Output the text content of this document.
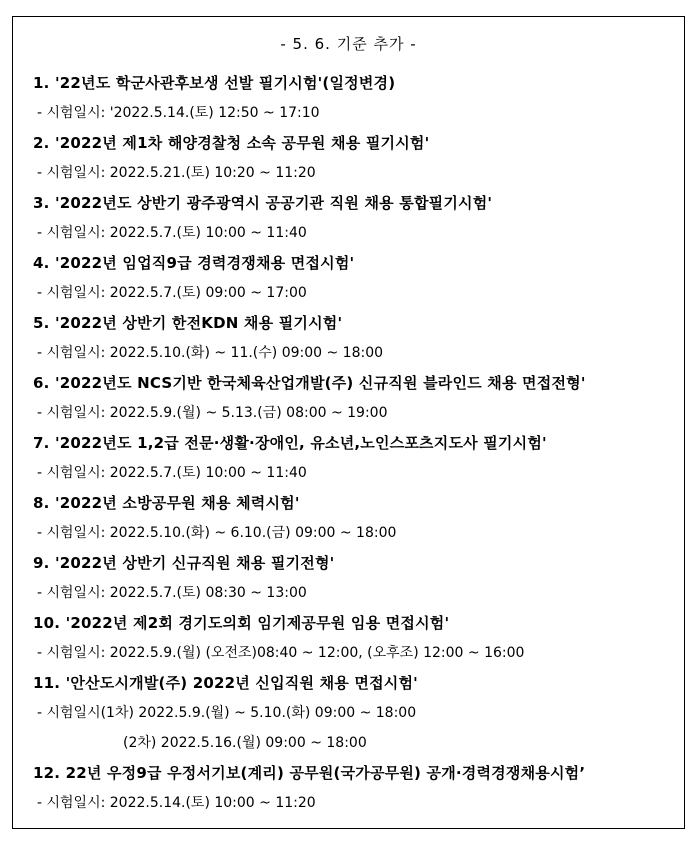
- 5. 6. 기준 추가 -
1. '22년도 학군사관후보생 선발 필기시험'(일정변경)
- 시험일시: '2022.5.14.(토) 12:50 ~ 17:10
2. '2022년 제1차 해양경찰청 소속 공무원 채용 필기시험'
- 시험일시: 2022.5.21.(토) 10:20 ~ 11:20
3. '2022년도 상반기 광주광역시 공공기관 직원 채용 통합필기시험'
- 시험일시: 2022.5.7.(토) 10:00 ~ 11:40
4. '2022년 임업직9급 경력경쟁채용 면접시험'
- 시험일시: 2022.5.7.(토) 09:00 ~ 17:00
5. '2022년 상반기 한전KDN 채용 필기시험'
- 시험일시: 2022.5.10.(화) ~ 11.(수) 09:00 ~ 18:00
6. '2022년도 NCS기반 한국체육산업개발(주) 신규직원 블라인드 채용 면접전형'
- 시험일시: 2022.5.9.(월) ~ 5.13.(금) 08:00 ~ 19:00
7. '2022년도 1,2급 전문·생활·장애인, 유소년,노인스포츠지도사 필기시험'
- 시험일시: 2022.5.7.(토) 10:00 ~ 11:40
8. '2022년 소방공무원 채용 체력시험'
- 시험일시: 2022.5.10.(화) ~ 6.10.(금) 09:00 ~ 18:00
9. '2022년 상반기 신규직원 채용 필기전형'
- 시험일시: 2022.5.7.(토) 08:30 ~ 13:00
10. '2022년 제2회 경기도의회 임기제공무원 임용 면접시험'
- 시험일시: 2022.5.9.(월) (오전조)08:40 ~ 12:00, (오후조) 12:00 ~ 16:00
11. '안산도시개발(주) 2022년 신입직원 채용 면접시험'
- 시험일시(1차) 2022.5.9.(월) ~ 5.10.(화) 09:00 ~ 18:00
(2차) 2022.5.16.(월) 09:00 ~ 18:00
12. 22년 우정9급 우정서기보(계리) 공무원(국가공무원) 공개·경력경쟁채용시험’
- 시험일시: 2022.5.14.(토) 10:00 ~ 11:20
